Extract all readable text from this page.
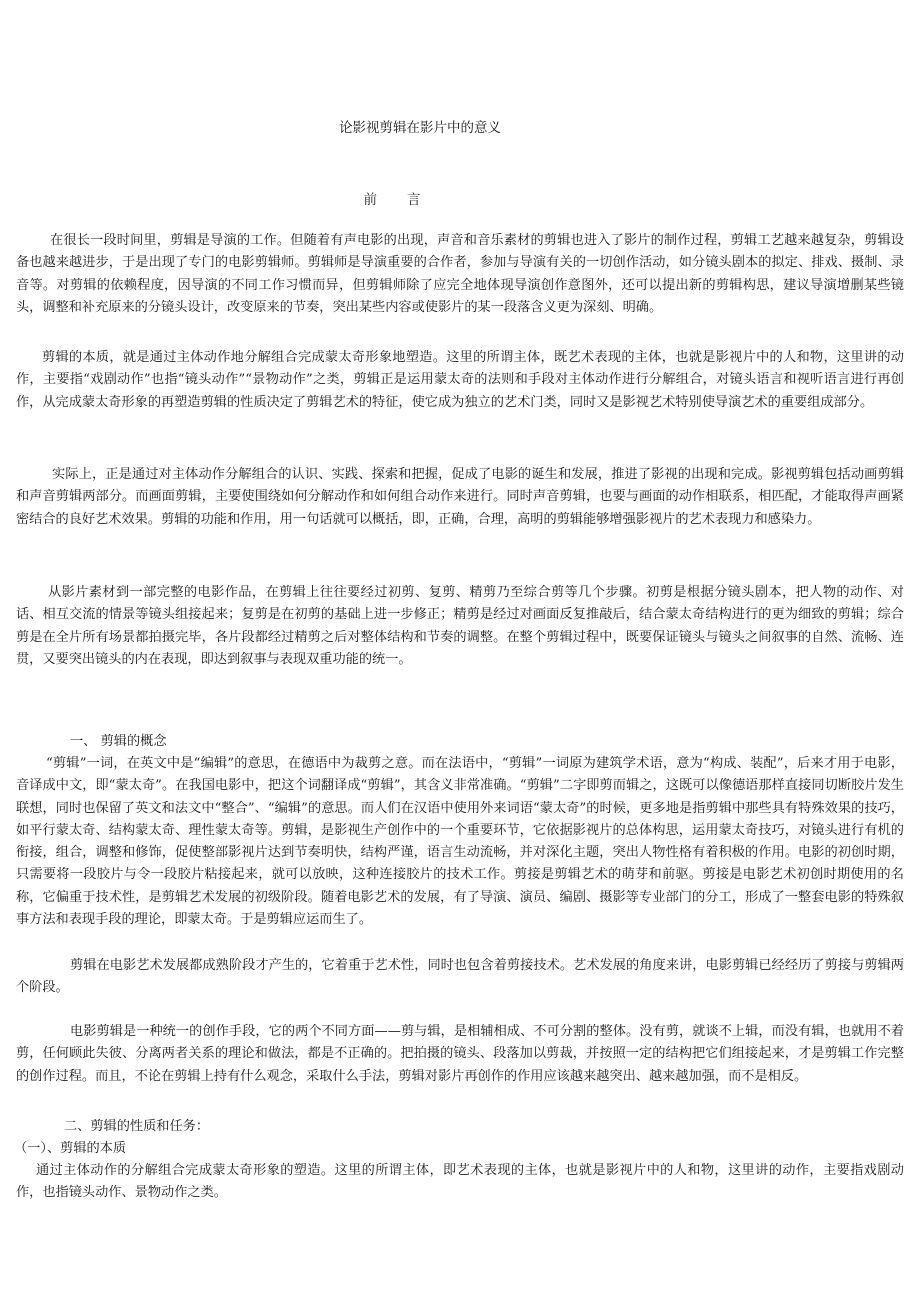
论影视剪辑在影片中的意义
前 言

在很长一段时间里，剪辑是导演的工作。但随着有声电影的出现，声音和音乐素材的剪辑也进入了影片的制作过程，剪辑工艺越来越复杂，剪辑设备也越来越进步，于是出现了专门的电影剪辑师。剪辑师是导演重要的合作者，参加与导演有关的一切创作活动，如分镜头剧本的拟定、排戏、摄制、录音等。对剪辑的依赖程度，因导演的不同工作习惯而异，但剪辑师除了应完全地体现导演创作意图外，还可以提出新的剪辑构思，建议导演增删某些镜头，调整和补充原来的分镜头设计，改变原来的节奏，突出某些内容或使影片的某一段落含义更为深刻、明确。

剪辑的本质，就是通过主体动作地分解组合完成蒙太奇形象地塑造。这里的所谓主体，既艺术表现的主体，也就是影视片中的人和物，这里讲的动作，主要指“戏剧动作”也指“镜头动作”“景物动作”之类，剪辑正是运用蒙太奇的法则和手段对主体动作进行分解组合，对镜头语言和视听语言进行再创作，从完成蒙太奇形象的再塑造剪辑的性质决定了剪辑艺术的特征，使它成为独立的艺术门类，同时又是影视艺术特别使导演艺术的重要组成部分。

实际上，正是通过对主体动作分解组合的认识、实践、探索和把握，促成了电影的诞生和发展，推进了影视的出现和完成。影视剪辑包括动画剪辑和声音剪辑两部分。而画面剪辑，主要使围绕如何分解动作和如何组合动作来进行。同时声音剪辑，也要与画面的动作相联系，相匹配，才能取得声画紧密结合的良好艺术效果。剪辑的功能和作用，用一句话就可以概括，即，正确，合理，高明的剪辑能够增强影视片的艺术表现力和感染力。

从影片素材到一部完整的电影作品，在剪辑上往往要经过初剪、复剪、精剪乃至综合剪等几个步骤。初剪是根据分镜头剧本，把人物的动作、对话、相互交流的情景等镜头组接起来；复剪是在初剪的基础上进一步修正；精剪是经过对画面反复推敲后，结合蒙太奇结构进行的更为细致的剪辑；综合剪是在全片所有场景都拍摄完毕，各片段都经过精剪之后对整体结构和节奏的调整。在整个剪辑过程中，既要保证镜头与镜头之间叙事的自然、流畅、连贯，又要突出镜头的内在表现，即达到叙事与表现双重功能的统一。

一、 剪辑的概念

“剪辑”一词，在英文中是“编辑”的意思，在德语中为裁剪之意。而在法语中，“剪辑”一词原为建筑学术语，意为“构成、装配”，后来才用于电影，音译成中文，即“蒙太奇”。在我国电影中，把这个词翻译成“剪辑”，其含义非常准确。“剪辑”二字即剪而辑之，这既可以像德语那样直接同切断胶片发生联想，同时也保留了英文和法文中“整合”、“编辑”的意思。而人们在汉语中使用外来词语“蒙太奇”的时候，更多地是指剪辑中那些具有特殊效果的技巧，如平行蒙太奇、结构蒙太奇、理性蒙太奇等。剪辑，是影视生产创作中的一个重要环节，它依据影视片的总体构思，运用蒙太奇技巧，对镜头进行有机的衔接，组合，调整和修饰，促使整部影视片达到节奏明快，结构严谨，语言生动流畅，并对深化主题，突出人物性格有着积极的作用。电影的初创时期，只需要将一段胶片与令一段胶片粘接起来，就可以放映，这种连接胶片的技术工作。剪接是剪辑艺术的萌芽和前驱。剪接是电影艺术初创时期使用的名称，它偏重于技术性，是剪辑艺术发展的初级阶段。随着电影艺术的发展，有了导演、演员、编剧、摄影等专业部门的分工，形成了一整套电影的特殊叙事方法和表现手段的理论，即蒙太奇。于是剪辑应运而生了。

剪辑在电影艺术发展都成熟阶段才产生的，它着重于艺术性，同时也包含着剪接技术。艺术发展的角度来讲，电影剪辑已经经历了剪接与剪辑两个阶段。

电影剪辑是一种统一的创作手段，它的两个不同方面——剪与辑，是相辅相成、不可分割的整体。没有剪，就谈不上辑，而没有辑，也就用不着剪，任何顾此失彼、分离两者关系的理论和做法，都是不正确的。把拍摄的镜头、段落加以剪裁，并按照一定的结构把它们组接起来，才是剪辑工作完整的创作过程。而且，不论在剪辑上持有什么观念，采取什么手法，剪辑对影片再创作的作用应该越来越突出、越来越加强，而不是相反。

二、剪辑的性质和任务：
（一）、剪辑的本质

通过主体动作的分解组合完成蒙太奇形象的塑造。这里的所谓主体，即艺术表现的主体，也就是影视片中的人和物，这里讲的动作，主要指戏剧动作，也指镜头动作、景物动作之类。
